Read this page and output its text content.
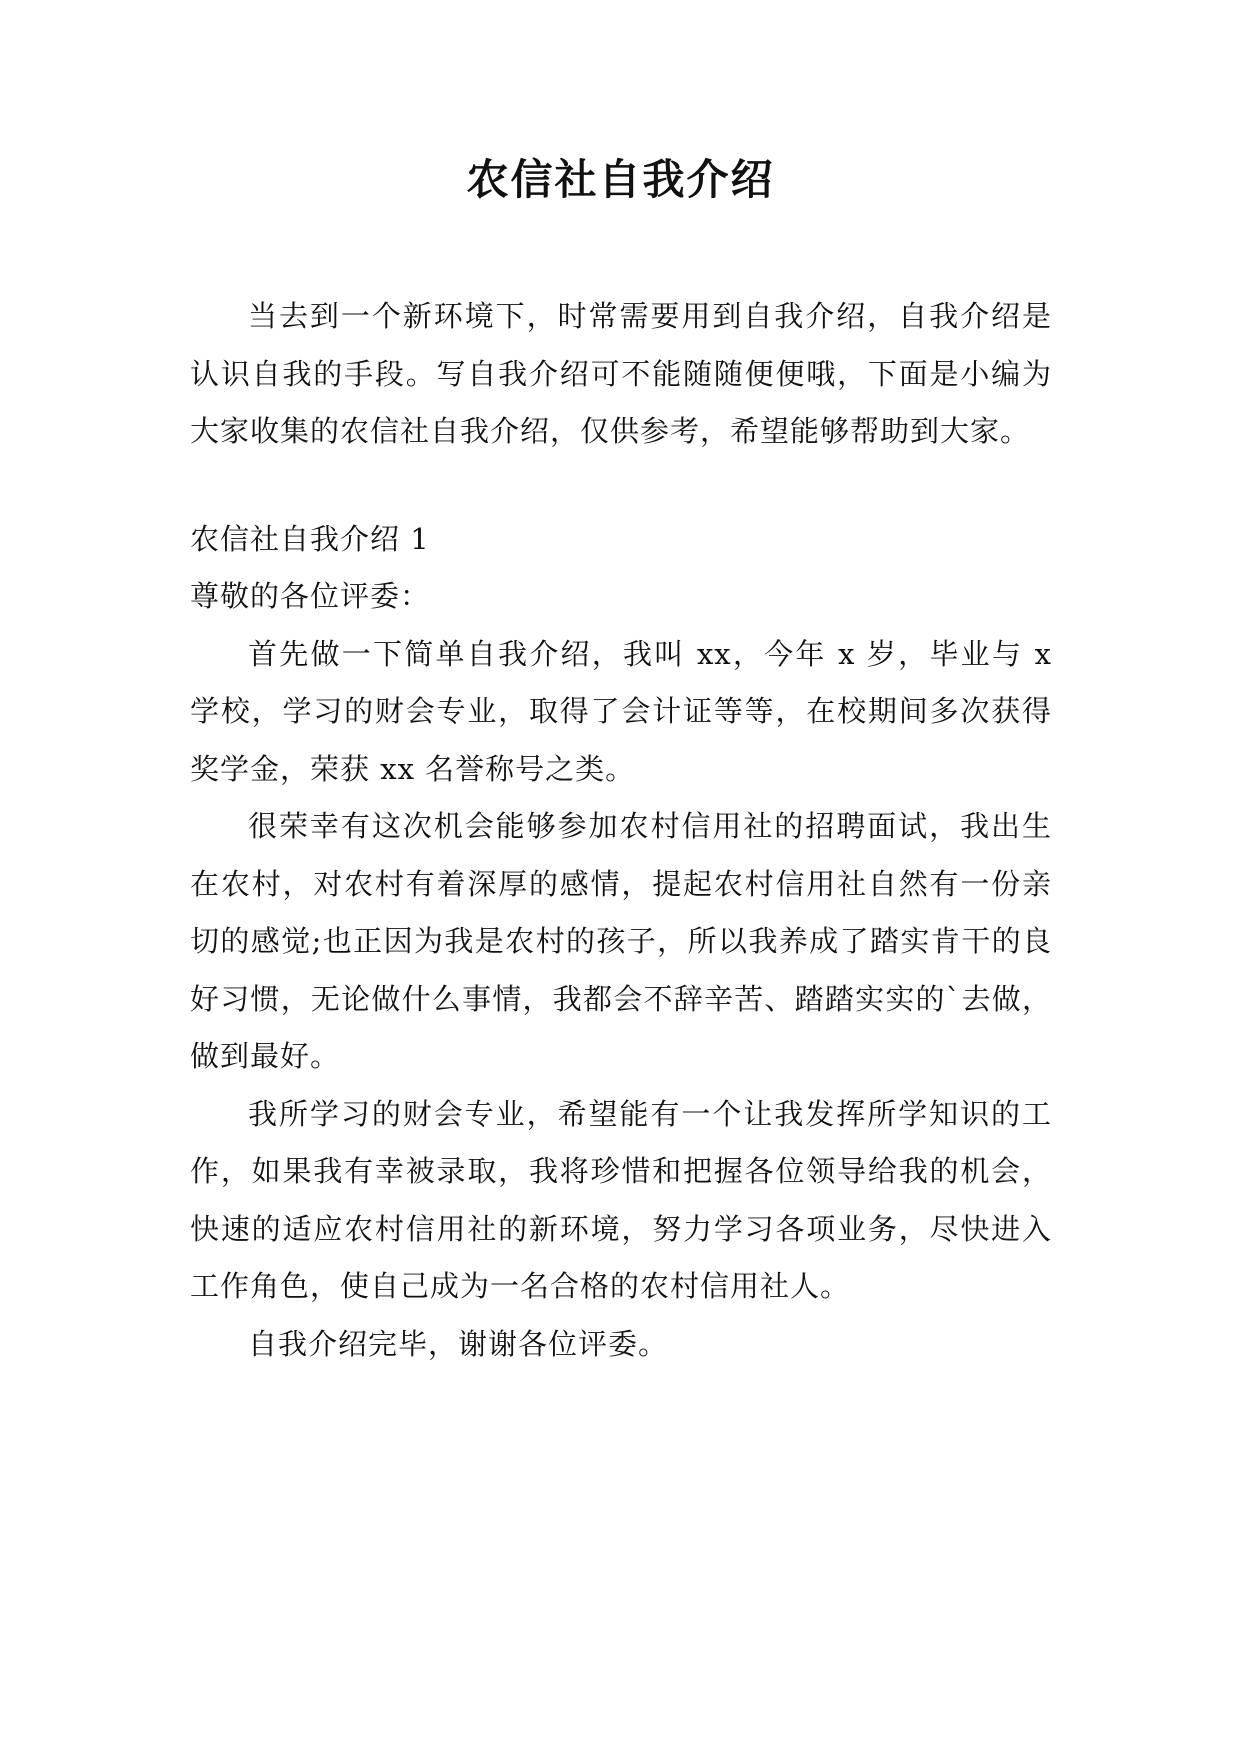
农信社自我介绍

当去到一个新环境下，时常需要用到自我介绍，自我介绍是认识自我的手段。写自我介绍可不能随随便便哦，下面是小编为大家收集的农信社自我介绍，仅供参考，希望能够帮助到大家。

农信社自我介绍 1

尊敬的各位评委：

首先做一下简单自我介绍，我叫 xx，今年 x 岁，毕业与 x 学校，学习的财会专业，取得了会计证等等，在校期间多次获得奖学金，荣获 xx 名誉称号之类。

很荣幸有这次机会能够参加农村信用社的招聘面试，我出生在农村，对农村有着深厚的感情，提起农村信用社自然有一份亲切的感觉;也正因为我是农村的孩子，所以我养成了踏实肯干的良好习惯，无论做什么事情，我都会不辞辛苦、踏踏实实的`去做，做到最好。

我所学习的财会专业，希望能有一个让我发挥所学知识的工作，如果我有幸被录取，我将珍惜和把握各位领导给我的机会，快速的适应农村信用社的新环境，努力学习各项业务，尽快进入工作角色，使自己成为一名合格的农村信用社人。

自我介绍完毕，谢谢各位评委。
